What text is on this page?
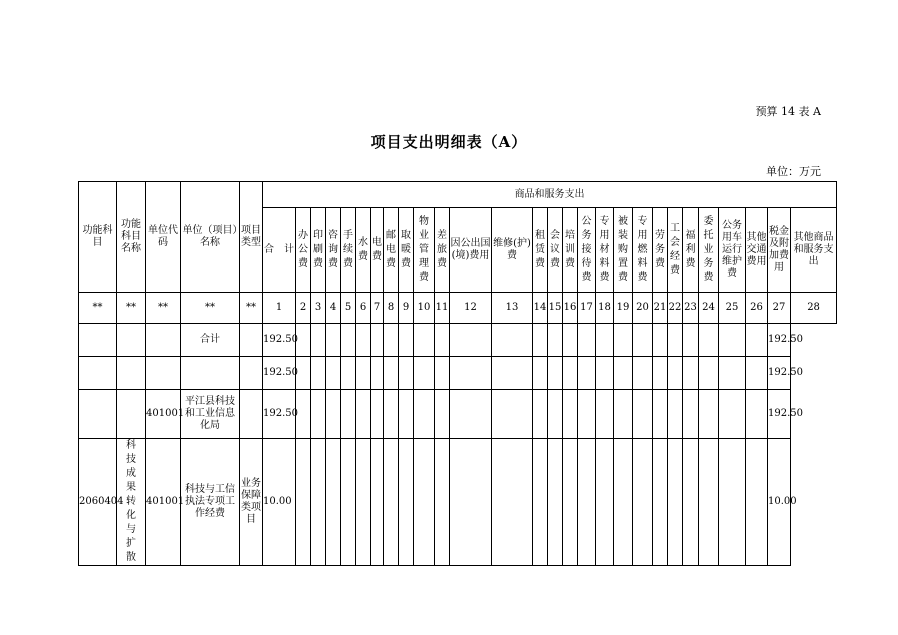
预算 14 表 A
项目支出明细表（A）
单位：万元
功能科目	功能科目名称	单位代码	单位（项目）名称	项目类型	商品和服务支出																											
					合　计	办公费	印刷费	咨询费	手续费	水费	电费	邮电费	取暖费	物业管理费	差旅费	因公出国(境)费用	维修(护)费	租赁费	会议费	培训费	公务接待费	专用材料费	被装购置费	专用燃料费	劳务费	工会经费	福利费	委托业务费	公务用车运行维护费	其他交通费用	税金及附加费用	其他商品和服务支出
**	**	**	**	**	1	2	3	4	5	6	7	8	9	10	11	12	13	14	15	16	17	18	19	20	21	22	23	24	25	26	27	28
			合计		192.50																										192.50	
					192.50																										192.50	
		401001	平江县科技和工业信息化局		192.50																										192.50	
2060404	科技成果转化与扩散	401001	科技与工信执法专项工作经费	业务保障类项目	10.00																										10.00	
